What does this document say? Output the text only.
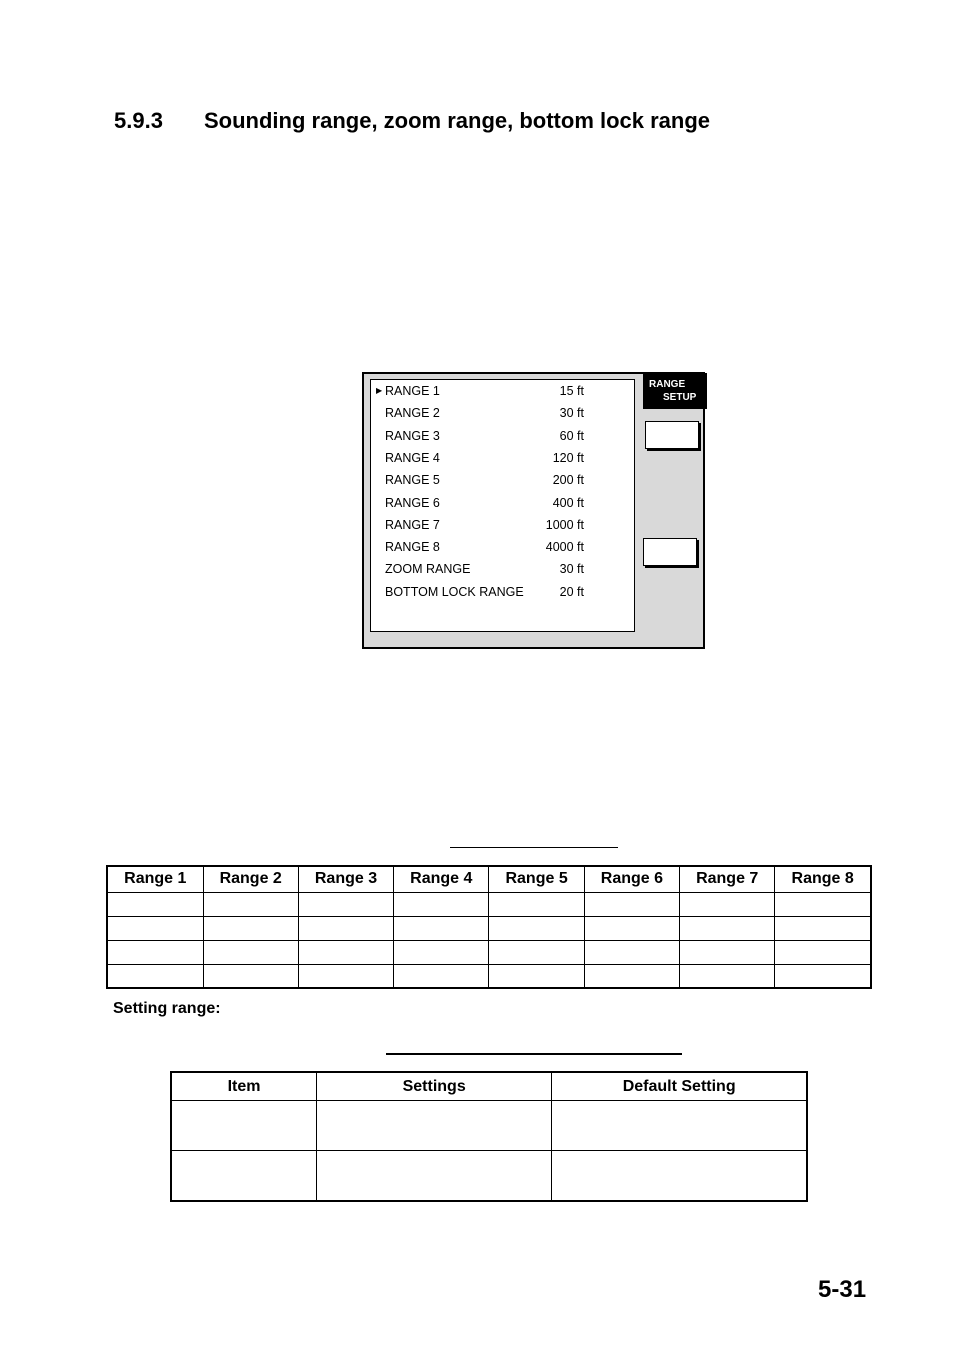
5.9.3 Sounding range, zoom range, bottom lock range
▶ RANGE 1	15 ft
RANGE 2	30 ft
RANGE 3	60 ft
RANGE 4	120 ft
RANGE 5	200 ft
RANGE 6	400 ft
RANGE 7	1000 ft
RANGE 8	4000 ft
ZOOM RANGE	30 ft
BOTTOM LOCK RANGE	20 ft
RANGE
SETUP
Range 1	Range 2	Range 3	Range 4	Range 5	Range 6	Range 7	Range 8

Setting range:
Item	Settings	Default Setting

5-31
